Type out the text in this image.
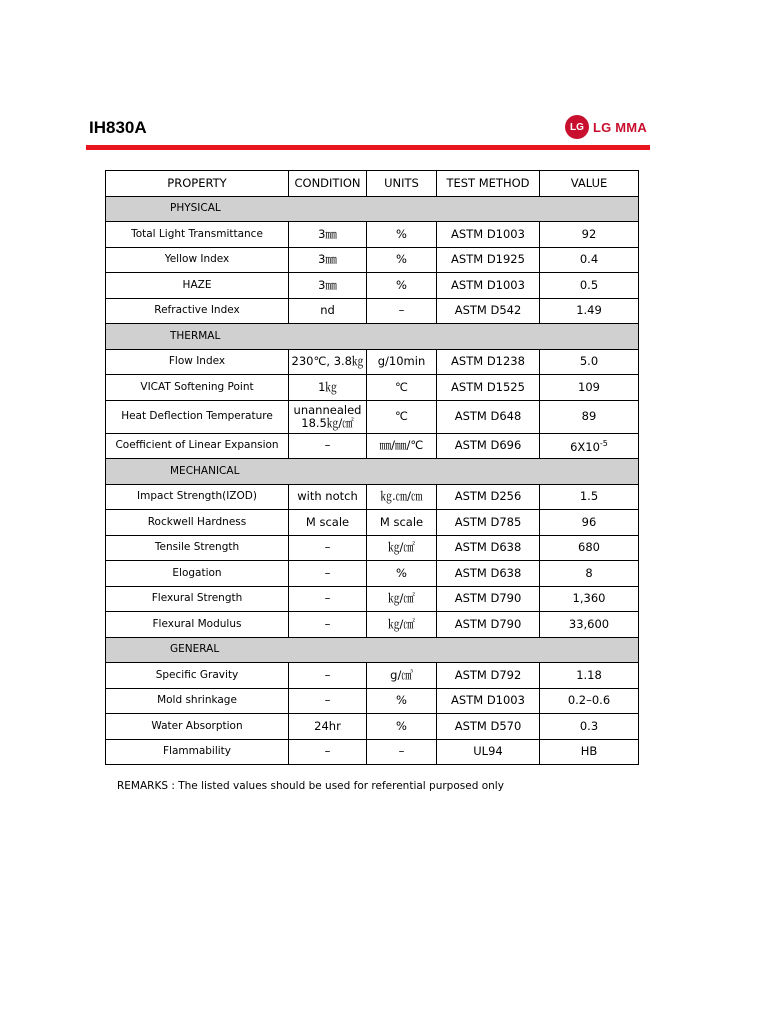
IH830A	LG LG MMA
PROPERTY	CONDITION	UNITS	TEST METHOD	VALUE
PHYSICAL				
Total Light Transmittance	3㎜	%	ASTM D1003	92
Yellow Index	3㎜	%	ASTM D1925	0.4
HAZE	3㎜	%	ASTM D1003	0.5
Refractive Index	nd	–	ASTM D542	1.49
THERMAL				
Flow Index	230℃, 3.8㎏	g/10min	ASTM D1238	5.0
VICAT Softening Point	1㎏	℃	ASTM D1525	109
Heat Deflection Temperature	unannealed
18.5㎏/㎠	℃	ASTM D648	89
Coefficient of Linear Expansion	–	㎜/㎜/℃	ASTM D696	$6X10^{-5}$
MECHANICAL				
Impact Strength(IZOD)	with notch	㎏.㎝/㎝	ASTM D256	1.5
Rockwell Hardness	M scale	M scale	ASTM D785	96
Tensile Strength	–	㎏/㎠	ASTM D638	680
Elogation	–	%	ASTM D638	8
Flexural Strength	–	㎏/㎠	ASTM D790	1,360
Flexural Modulus	–	㎏/㎠	ASTM D790	33,600
GENERAL				
Specific Gravity	–	g/㎤	ASTM D792	1.18
Mold shrinkage	–	%	ASTM D1003	0.2–0.6
Water Absorption	24hr	%	ASTM D570	0.3
Flammability	–	–	UL94	HB
REMARKS : The listed values should be used for referential purposed only
